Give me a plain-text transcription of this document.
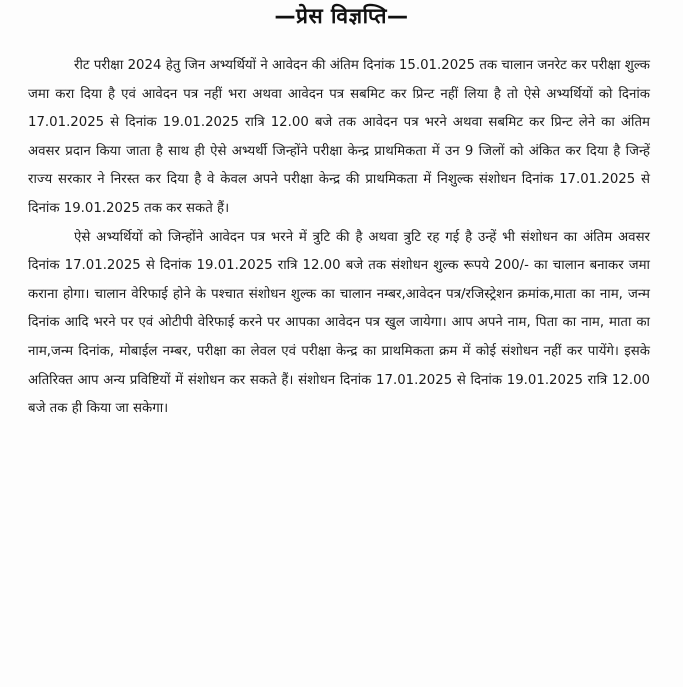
—प्रेस विज्ञप्ति—

रीट परीक्षा 2024 हेतु जिन अभ्यर्थियों ने आवेदन की अंतिम दिनांक 15.01.2025 तक चालान जनरेट कर परीक्षा शुल्क जमा करा दिया है एवं आवेदन पत्र नहीं भरा अथवा आवेदन पत्र सबमिट कर प्रिन्ट नहीं लिया है तो ऐसे अभ्यर्थियों को दिनांक 17.01.2025 से दिनांक 19.01.2025 रात्रि 12.00 बजे तक आवेदन पत्र भरने अथवा सबमिट कर प्रिन्ट लेने का अंतिम अवसर प्रदान किया जाता है साथ ही ऐसे अभ्यर्थी जिन्होंने परीक्षा केन्द्र प्राथमिकता में उन 9 जिलों को अंकित कर दिया है जिन्हें राज्य सरकार ने निरस्त कर दिया है वे केवल अपने परीक्षा केन्द्र की प्राथमिकता में निशुल्क संशोधन दिनांक 17.01.2025 से दिनांक 19.01.2025 तक कर सकते हैं।

ऐसे अभ्यर्थियों को जिन्होंने आवेदन पत्र भरने में त्रुटि की है अथवा त्रुटि रह गई है उन्हें भी संशोधन का अंतिम अवसर दिनांक 17.01.2025 से दिनांक 19.01.2025 रात्रि 12.00 बजे तक संशोधन शुल्क रूपये 200/- का चालान बनाकर जमा कराना होगा। चालान वेरिफाई होने के पश्चात संशोधन शुल्क का चालान नम्बर,आवेदन पत्र/रजिस्ट्रेशन क्रमांक,माता का नाम, जन्म दिनांक आदि भरने पर एवं ओटीपी वेरिफाई करने पर आपका आवेदन पत्र खुल जायेगा। आप अपने नाम, पिता का नाम, माता का नाम,जन्म दिनांक, मोबाईल नम्बर, परीक्षा का लेवल एवं परीक्षा केन्द्र का प्राथमिकता क्रम में कोई संशोधन नहीं कर पायेंगे। इसके अतिरिक्त आप अन्य प्रविष्टियों में संशोधन कर सकते हैं। संशोधन दिनांक 17.01.2025 से दिनांक 19.01.2025 रात्रि 12.00 बजे तक ही किया जा सकेगा।
